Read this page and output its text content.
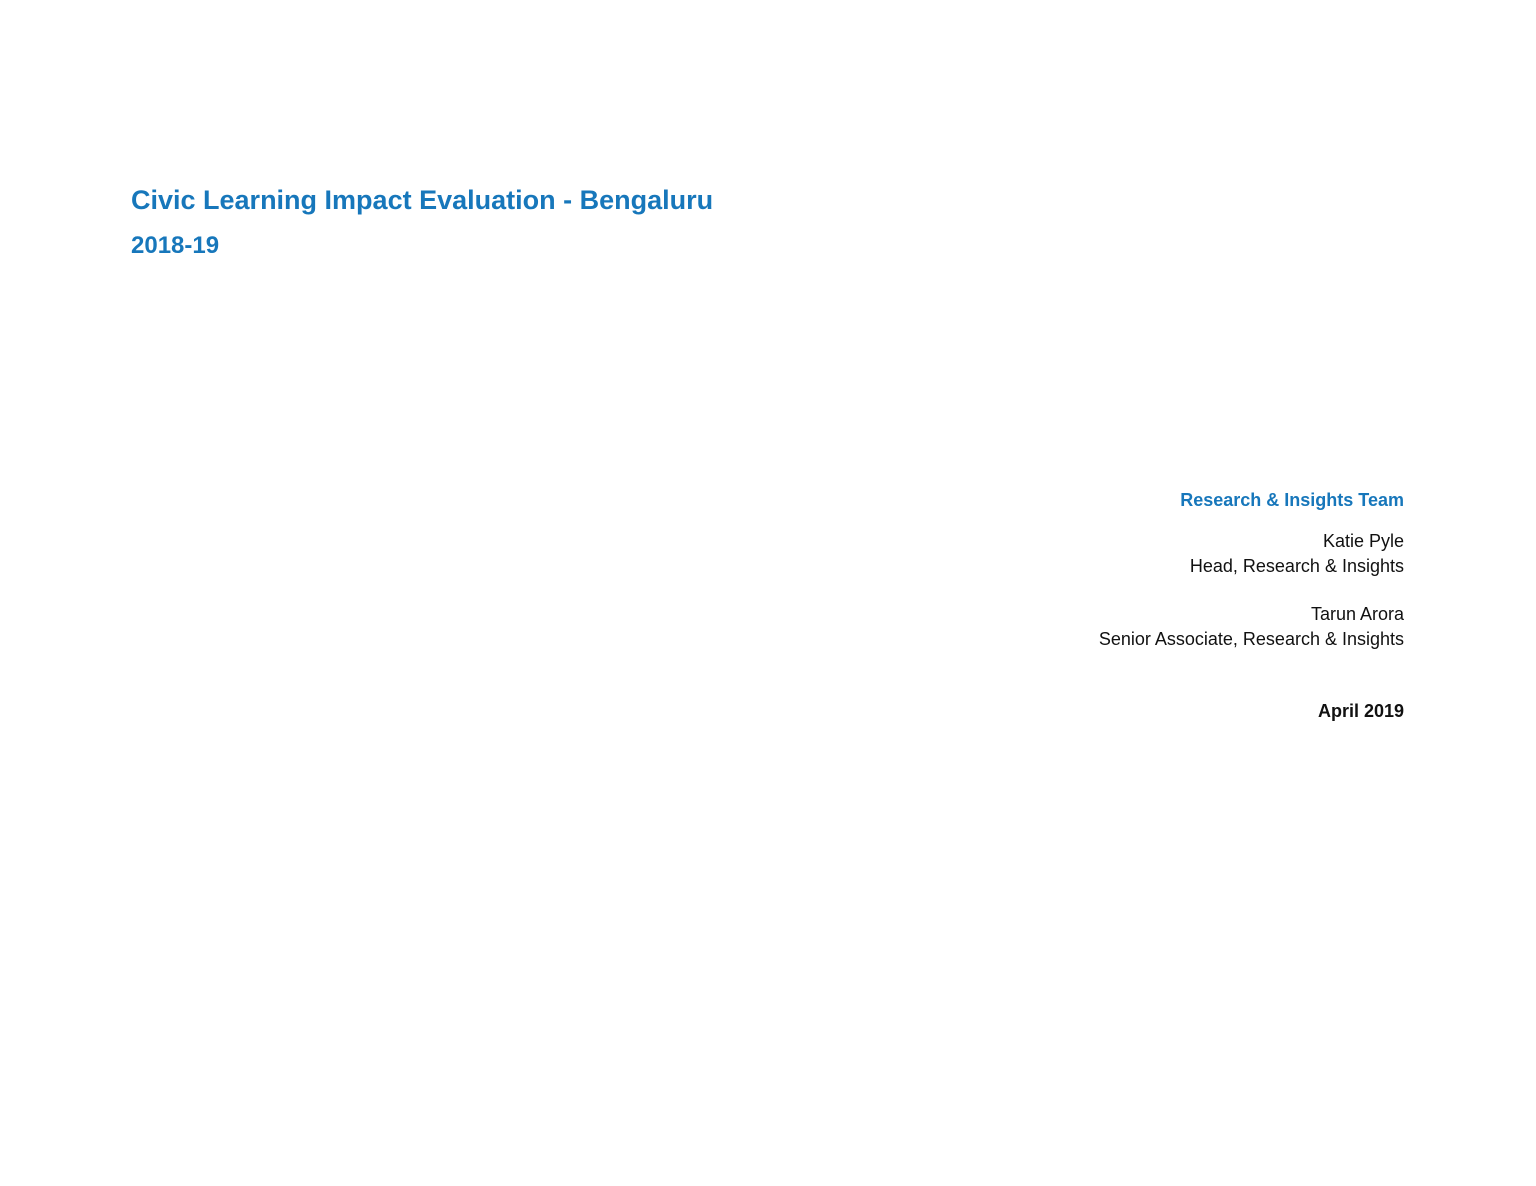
Civic Learning Impact Evaluation - Bengaluru
2018-19
Research & Insights Team
Katie Pyle
Head, Research & Insights
Tarun Arora
Senior Associate, Research & Insights
April 2019
